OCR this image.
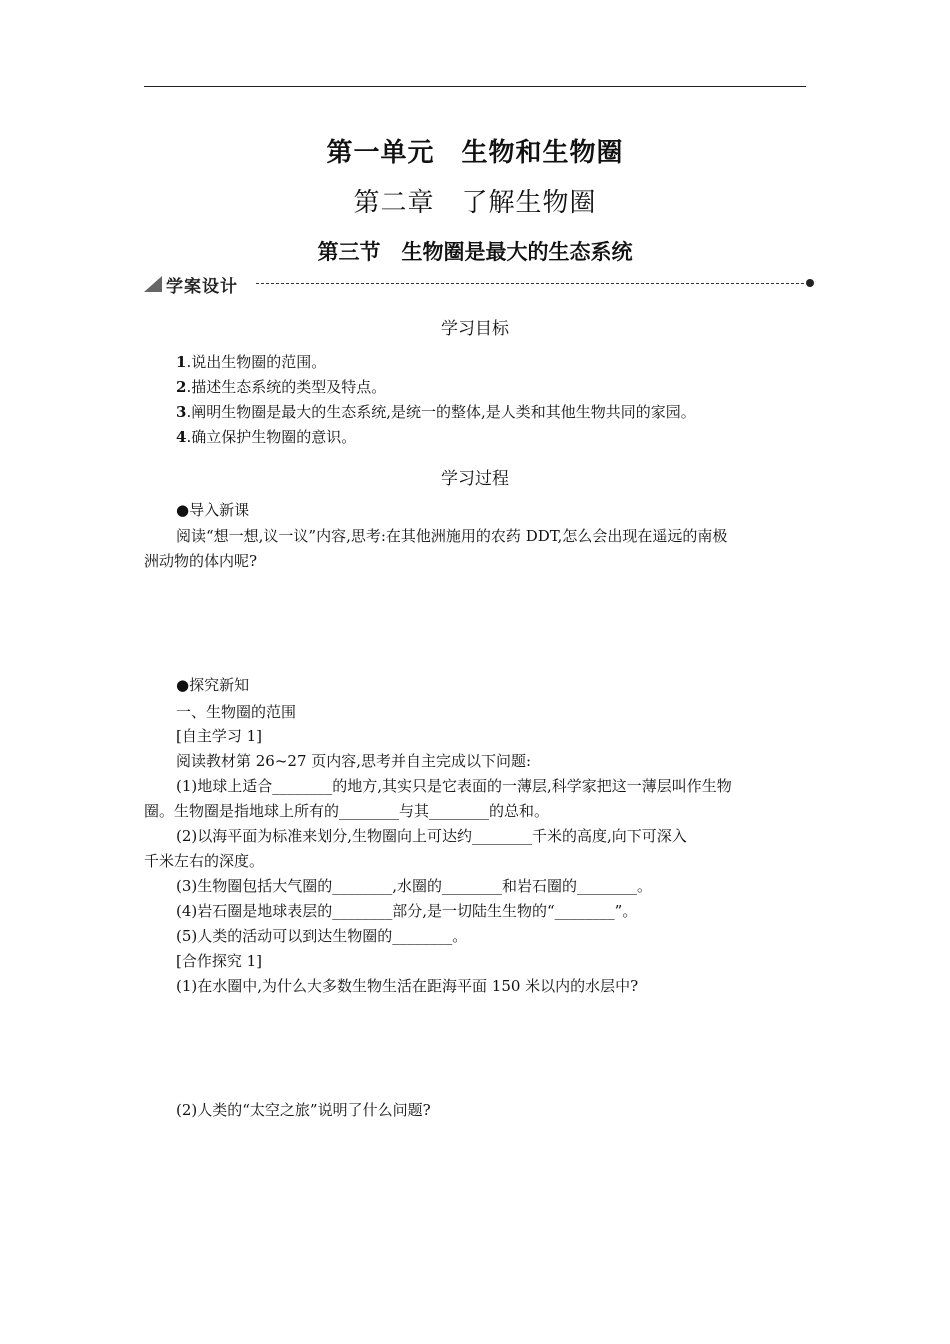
第一单元　生物和生物圈
第二章　了解生物圈
第三节　生物圈是最大的生态系统
学案设计
学习目标
1.说出生物圈的范围。
2.描述生态系统的类型及特点。
3.阐明生物圈是最大的生态系统,是统一的整体,是人类和其他生物共同的家园。
4.确立保护生物圈的意识。
学习过程
●导入新课
阅读“想一想,议一议”内容,思考:在其他洲施用的农药 DDT,怎么会出现在遥远的南极
洲动物的体内呢?
●探究新知
一、生物圈的范围
[自主学习 1]
阅读教材第 26~27 页内容,思考并自主完成以下问题:
(1)地球上适合________的地方,其实只是它表面的一薄层,科学家把这一薄层叫作生物
圈。生物圈是指地球上所有的________与其________的总和。
(2)以海平面为标准来划分,生物圈向上可达约________千米的高度,向下可深入
千米左右的深度。
(3)生物圈包括大气圈的________,水圈的________和岩石圈的________。
(4)岩石圈是地球表层的________部分,是一切陆生生物的“________”。
(5)人类的活动可以到达生物圈的________。
[合作探究 1]
(1)在水圈中,为什么大多数生物生活在距海平面 150 米以内的水层中?
(2)人类的“太空之旅”说明了什么问题?
